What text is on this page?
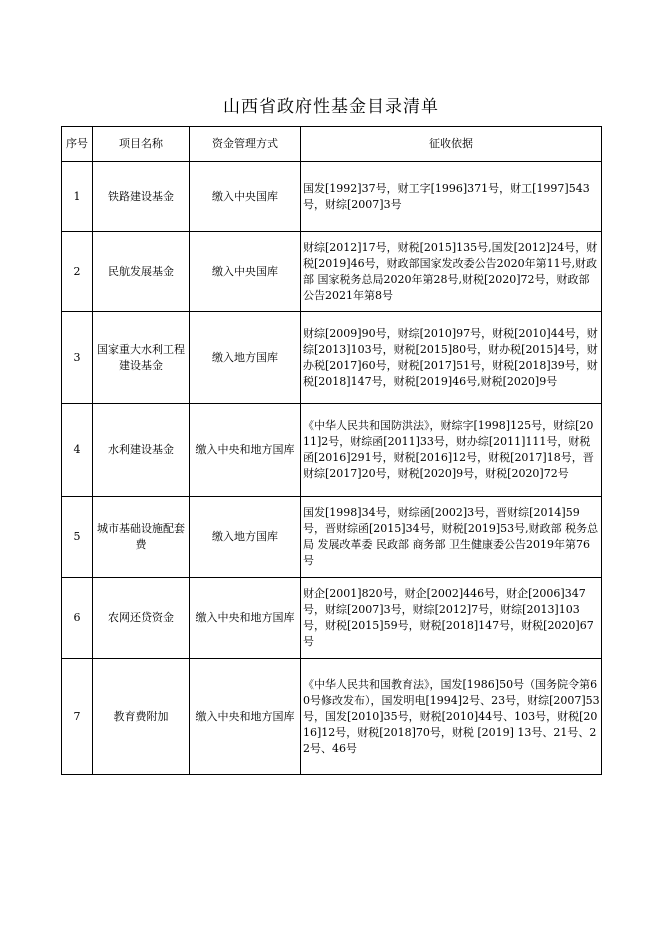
山西省政府性基金目录清单
序号	项目名称	资金管理方式	征收依据
1	铁路建设基金	缴入中央国库	国发[1992]37号，财工字[1996]371号，财工[1997]543号，财综[2007]3号
2	民航发展基金	缴入中央国库	财综[2012]17号，财税[2015]135号,国发[2012]24号，财税[2019]46号，财政部国家发改委公告2020年第11号,财政部 国家税务总局2020年第28号,财税[2020]72号，财政部公告2021年第8号
3	国家重大水利工程建设基金	缴入地方国库	财综[2009]90号，财综[2010]97号，财税[2010]44号，财综[2013]103号，财税[2015]80号，财办税[2015]4号，财办税[2017]60号，财税[2017]51号，财税[2018]39号，财税[2018]147号，财税[2019]46号,财税[2020]9号
4	水利建设基金	缴入中央和地方国库	《中华人民共和国防洪法》，财综字[1998]125号，财综[2011]2号，财综函[2011]33号，财办综[2011]111号，财税函[2016]291号，财税[2016]12号，财税[2017]18号，晋财综[2017]20号，财税[2020]9号，财税[2020]72号
5	城市基础设施配套费	缴入地方国库	国发[1998]34号，财综函[2002]3号，晋财综[2014]59号，晋财综函[2015]34号，财税[2019]53号,财政部 税务总局 发展改革委 民政部 商务部 卫生健康委公告2019年第76号
6	农网还贷资金	缴入中央和地方国库	财企[2001]820号，财企[2002]446号，财企[2006]347号，财综[2007]3号，财综[2012]7号，财综[2013]103号，财税[2015]59号，财税[2018]147号，财税[2020]67号
7	教育费附加	缴入中央和地方国库	《中华人民共和国教育法》，国发[1986]50号（国务院令第60号修改发布），国发明电[1994]2号、23号，财综[2007]53号，国发[2010]35号，财税[2010]44号、103号，财税[2016]12号，财税[2018]70号，财税 [2019] 13号、21号、22号、46号
